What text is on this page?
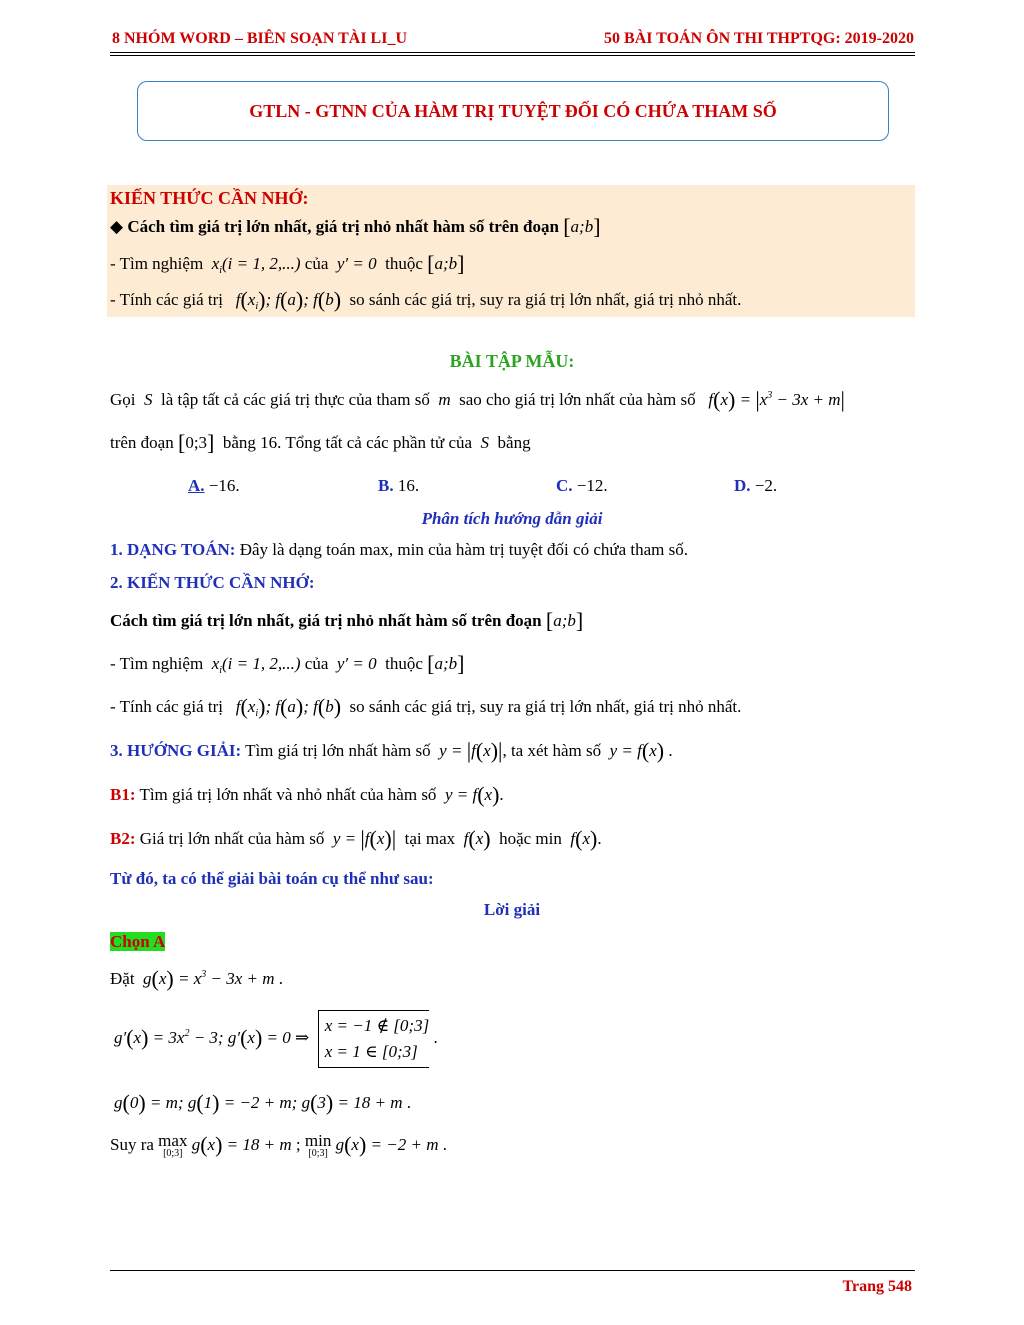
8 NHÓM WORD – BIÊN SOẠN TÀI LI_U	50 BÀI TOÁN ÔN THI THPTQG: 2019-2020
GTLN - GTNN CỦA HÀM TRỊ TUYỆT ĐỐI CÓ CHỨA THAM SỐ
KIẾN THỨC CẦN NHỚ:
◆ Cách tìm giá trị lớn nhất, giá trị nhỏ nhất hàm số trên đoạn [a;b]
- Tìm nghiệm  $x_i(i = 1$, 2,...) của  y′ = 0  thuộc [a;b]
- Tính các giá trị   $f(x_i)$; f(a); f(b) so sánh các giá trị, suy ra giá trị lớn nhất, giá trị nhỏ nhất.
BÀI TẬP MẪU:
Gọi  S  là tập tất cả các giá trị thực của tham số  m  sao cho giá trị lớn nhất của hàm số   $f(x) = |x^3 - 3x + m|$
trên đoạn [0;3] bằng 16. Tổng tất cả các phần tử của  S  bằng
A. −16.	B. 16.	C. −12.	D. −2.
Phân tích hướng dẫn giải
1. DẠNG TOÁN: Đây là dạng toán max, min của hàm trị tuyệt đối có chứa tham số.
2. KIẾN THỨC CẦN NHỚ:
Cách tìm giá trị lớn nhất, giá trị nhỏ nhất hàm số trên đoạn [a;b]
- Tìm nghiệm  $x_i(i = 1$, 2,...) của  y′ = 0  thuộc [a;b]
- Tính các giá trị   $f(x_i)$; f(a); f(b) so sánh các giá trị, suy ra giá trị lớn nhất, giá trị nhỏ nhất.
3. HƯỚNG GIẢI: Tìm giá trị lớn nhất hàm số  y = |f(x)|, ta xét hàm số  y = f(x) .
B1: Tìm giá trị lớn nhất và nhỏ nhất của hàm số  y = f(x).
B2: Giá trị lớn nhất của hàm số  y = |f(x)| tại max  f(x) hoặc min  f(x).
Từ đó, ta có thể giải bài toán cụ thể như sau:
Lời giải
Chọn A
Đặt  $g(x) = x^3 - 3x + m$ .
$g'(x) = 3x^2 - 3$; g′(x) = 0 ⇒  x = −1 ∉ [0;3]
x = 1 ∈ [0;3] .
g(0) = m; g(1) = −2 + m; g(3) = 18 + m .
Suy ra max
[0;3] g(x) = 18 + m ; min
[0;3] g(x) = −2 + m .
Trang 548
